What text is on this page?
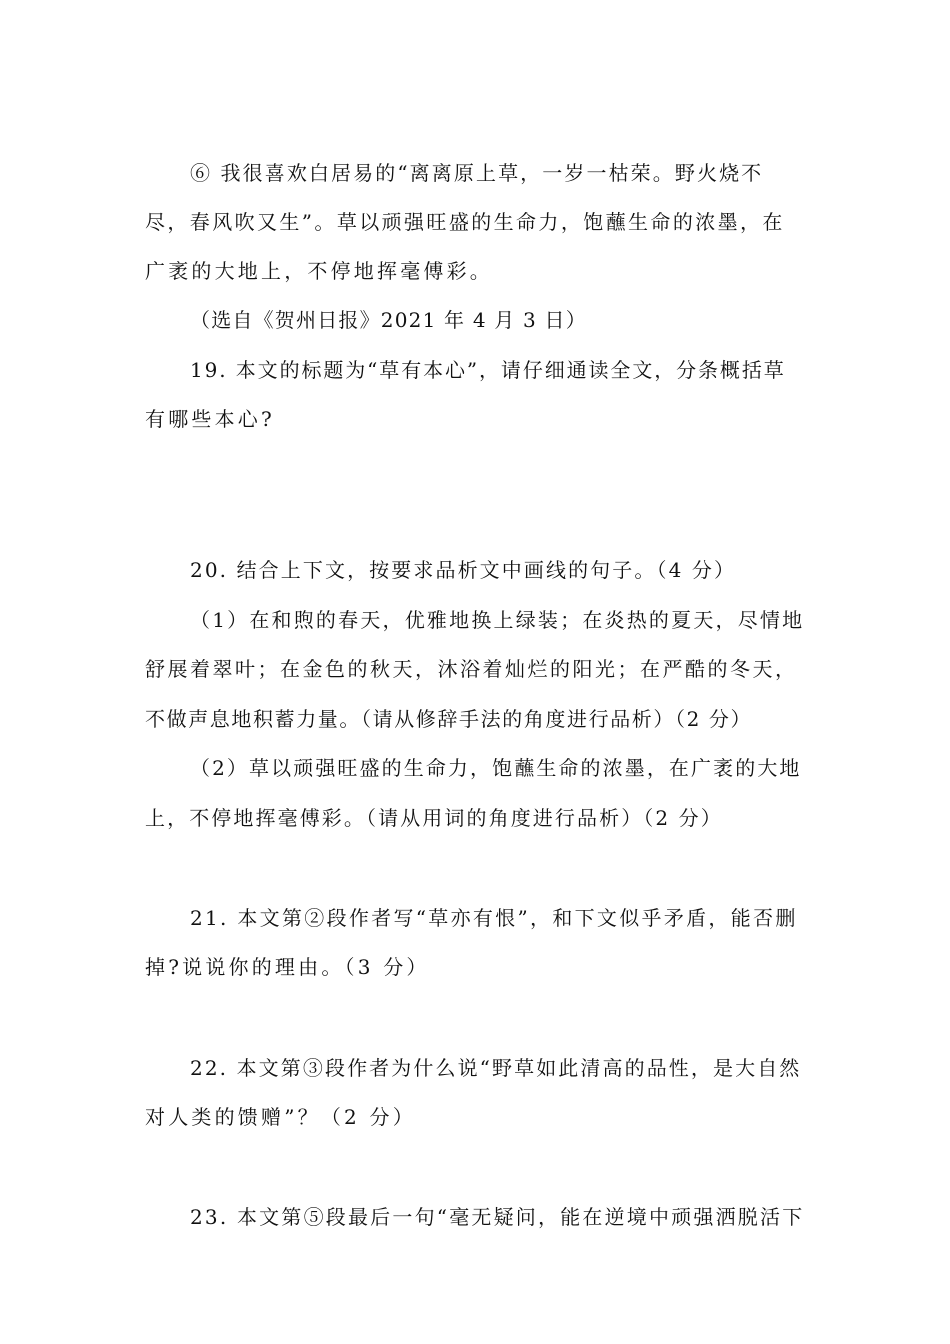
⑥ 我很喜欢白居易的“离离原上草，一岁一枯荣。野火烧不

尽，春风吹又生”。草以顽强旺盛的生命力，饱蘸生命的浓墨，在

广袤的大地上，不停地挥毫傅彩。

（选自《贺州日报》2021 年 4 月 3 日）

19. 本文的标题为“草有本心”，请仔细通读全文，分条概括草

有哪些本心?

20. 结合上下文，按要求品析文中画线的句子。（4 分）

（1）在和煦的春天，优雅地换上绿装；在炎热的夏天，尽情地

舒展着翠叶；在金色的秋天，沐浴着灿烂的阳光；在严酷的冬天，

不做声息地积蓄力量。（请从修辞手法的角度进行品析）（2 分）

（2）草以顽强旺盛的生命力，饱蘸生命的浓墨，在广袤的大地

上，不停地挥毫傅彩。（请从用词的角度进行品析）（2 分）

21. 本文第②段作者写“草亦有恨”，和下文似乎矛盾，能否删

掉?说说你的理由。（3 分）

22. 本文第③段作者为什么说“野草如此清高的品性，是大自然

对人类的馈赠”？（2 分）

23. 本文第⑤段最后一句“毫无疑问，能在逆境中顽强洒脱活下
